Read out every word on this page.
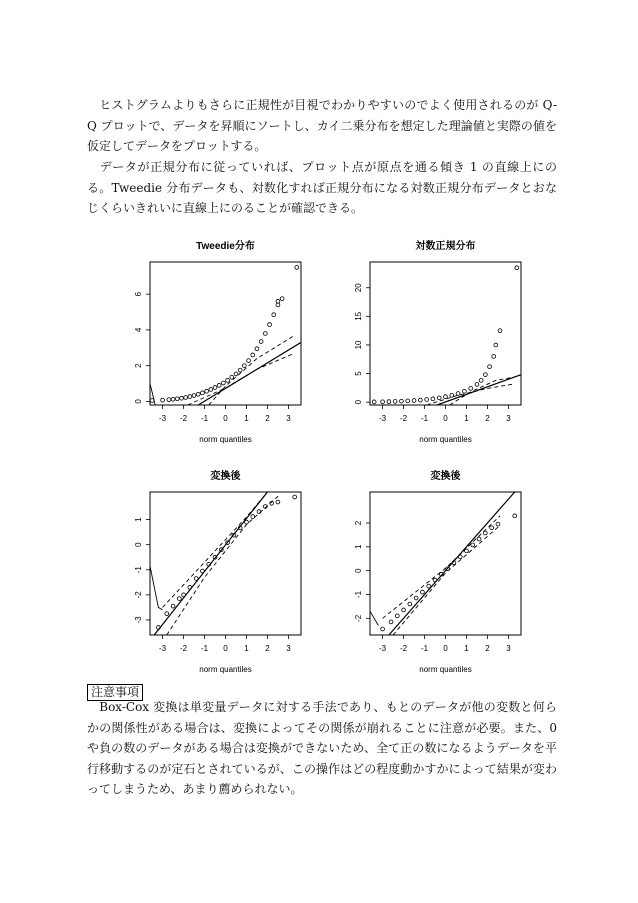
　ヒストグラムよりもさらに正規性が目視でわかりやすいのでよく使用されるのが Q-Q プロットで、データを昇順にソートし、カイ二乗分布を想定した理論値と実際の値を仮定してデータをプロットする。

　データが正規分布に従っていれば、プロット点が原点を通る傾き 1 の直線上にのる。Tweedie 分布データも、対数化すれば正規分布になる対数正規分布データとおなじくらいきれいに直線上にのることが確認できる。

Tweedie分布
-3 -2 -1 0 1 2 3
0
2
4
6
norm quantiles
対数正規分布
-3 -2 -1 0 1 2 3
0
5
10
15
20
norm quantiles
変換後
-3 -2 -1 0 1 2 3
-3
-2
-1
0
1
norm quantiles
変換後
-3 -2 -1 0 1 2 3
-2
-1
0
1
2
norm quantiles
注意事項

　Box-Cox 変換は単変量データに対する手法であり、もとのデータが他の変数と何らかの関係性がある場合は、変換によってその関係が崩れることに注意が必要。また、0 や負の数のデータがある場合は変換ができないため、全て正の数になるようデータを平行移動するのが定石とされているが、この操作はどの程度動かすかによって結果が変わってしまうため、あまり薦められない。
